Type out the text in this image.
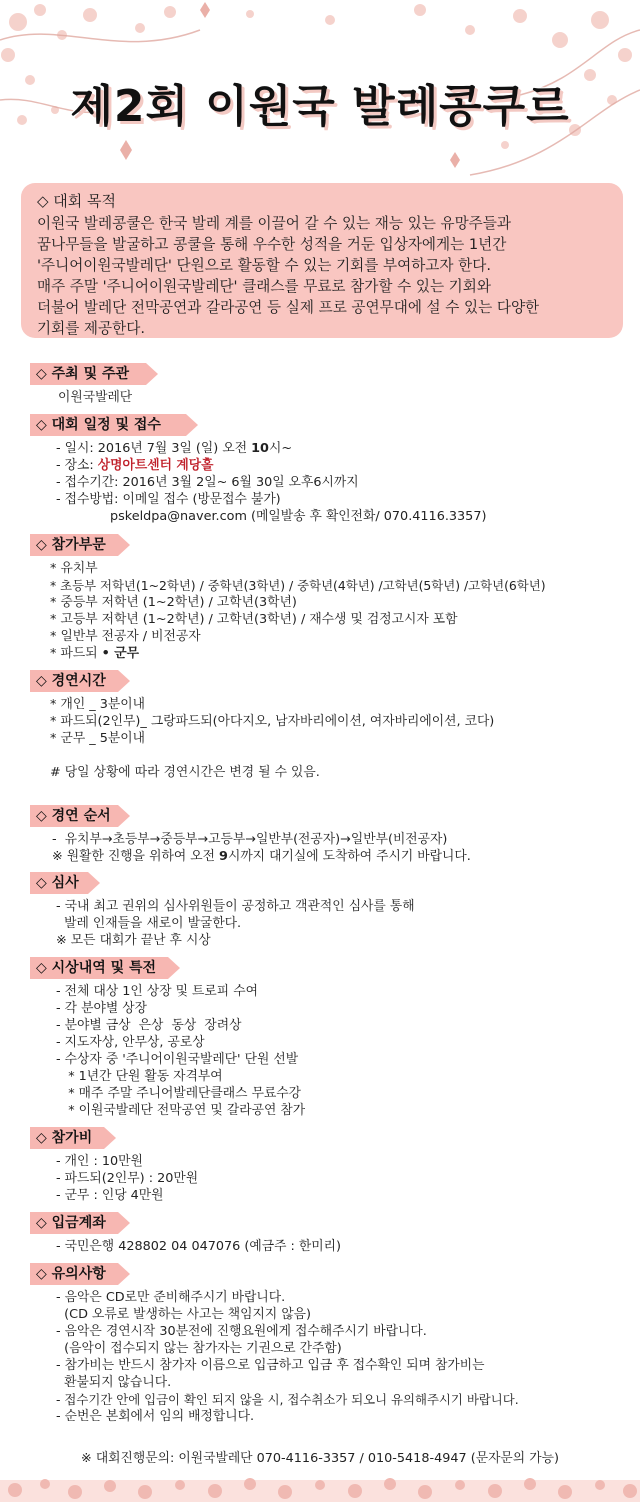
제2회 이원국 발레콩쿠르
◇ 대회 목적
이원국 발레콩쿨은 한국 발레 계를 이끌어 갈 수 있는 재능 있는 유망주들과
꿈나무들을 발굴하고 콩쿨을 통해 우수한 성적을 거둔 입상자에게는 1년간
'주니어이원국발레단' 단원으로 활동할 수 있는 기회를 부여하고자 한다.
매주 주말 '주니어이원국발레단' 클래스를 무료로 참가할 수 있는 기회와
더불어 발레단 전막공연과 갈라공연 등 실제 프로 공연무대에 설 수 있는 다양한
기회를 제공한다.
◇ 주최 및 주관
이원국발레단
◇ 대회 일정 및 접수
- 일시: 2016년 7월 3일 (일) 오전 10시~
- 장소: 상명아트센터 계당홀
- 접수기간: 2016년 3월 2일~ 6월 30일 오후6시까지
- 접수방법: 이메일 접수 (방문접수 불가)
pskeldpa@naver.com (메일발송 후 확인전화/ 070.4116.3357)
◇ 참가부문
* 유치부
* 초등부 저학년(1~2학년) / 중학년(3학년) / 중학년(4학년) /고학년(5학년) /고학년(6학년)
* 중등부 저학년 (1~2학년) / 고학년(3학년)
* 고등부 저학년 (1~2학년) / 고학년(3학년) / 재수생 및 검정고시자 포함
* 일반부 전공자 / 비전공자
* 파드되 • 군무
◇ 경연시간
* 개인 _ 3분이내
* 파드되(2인무)_ 그랑파드되(아다지오, 남자바리에이션, 여자바리에이션, 코다)
* 군무 _ 5분이내
# 당일 상황에 따라 경연시간은 변경 될 수 있음.
◇ 경연 순서
-  유치부→초등부→중등부→고등부→일반부(전공자)→일반부(비전공자)
※ 원활한 진행을 위하여 오전 9시까지 대기실에 도착하여 주시기 바랍니다.
◇ 심사
- 국내 최고 권위의 심사위원들이 공정하고 객관적인 심사를 통해
발레 인재들을 새로이 발굴한다.
※ 모든 대회가 끝난 후 시상
◇ 시상내역 및 특전
- 전체 대상 1인 상장 및 트로피 수여
- 각 분야별 상장
- 분야별 금상  은상  동상  장려상
- 지도자상, 안무상, 공로상
- 수상자 중 '주니어이원국발레단' 단원 선발
* 1년간 단원 활동 자격부여
* 매주 주말 주니어발레단클래스 무료수강
* 이원국발레단 전막공연 및 갈라공연 참가
◇ 참가비
- 개인 : 10만원
- 파드되(2인무) : 20만원
- 군무 : 인당 4만원
◇ 입금계좌
- 국민은행 428802 04 047076 (예금주 : 한미리)
◇ 유의사항
- 음악은 CD로만 준비해주시기 바랍니다.
(CD 오류로 발생하는 사고는 책임지지 않음)
- 음악은 경연시작 30분전에 진행요원에게 접수해주시기 바랍니다.
(음악이 접수되지 않는 참가자는 기권으로 간주함)
- 참가비는 반드시 참가자 이름으로 입금하고 입금 후 접수확인 되며 참가비는
환불되지 않습니다.
- 접수기간 안에 입금이 확인 되지 않을 시, 접수취소가 되오니 유의해주시기 바랍니다.
- 순번은 본회에서 임의 배정합니다.
※ 대회진행문의: 이원국발레단 070-4116-3357 / 010-5418-4947 (문자문의 가능)
